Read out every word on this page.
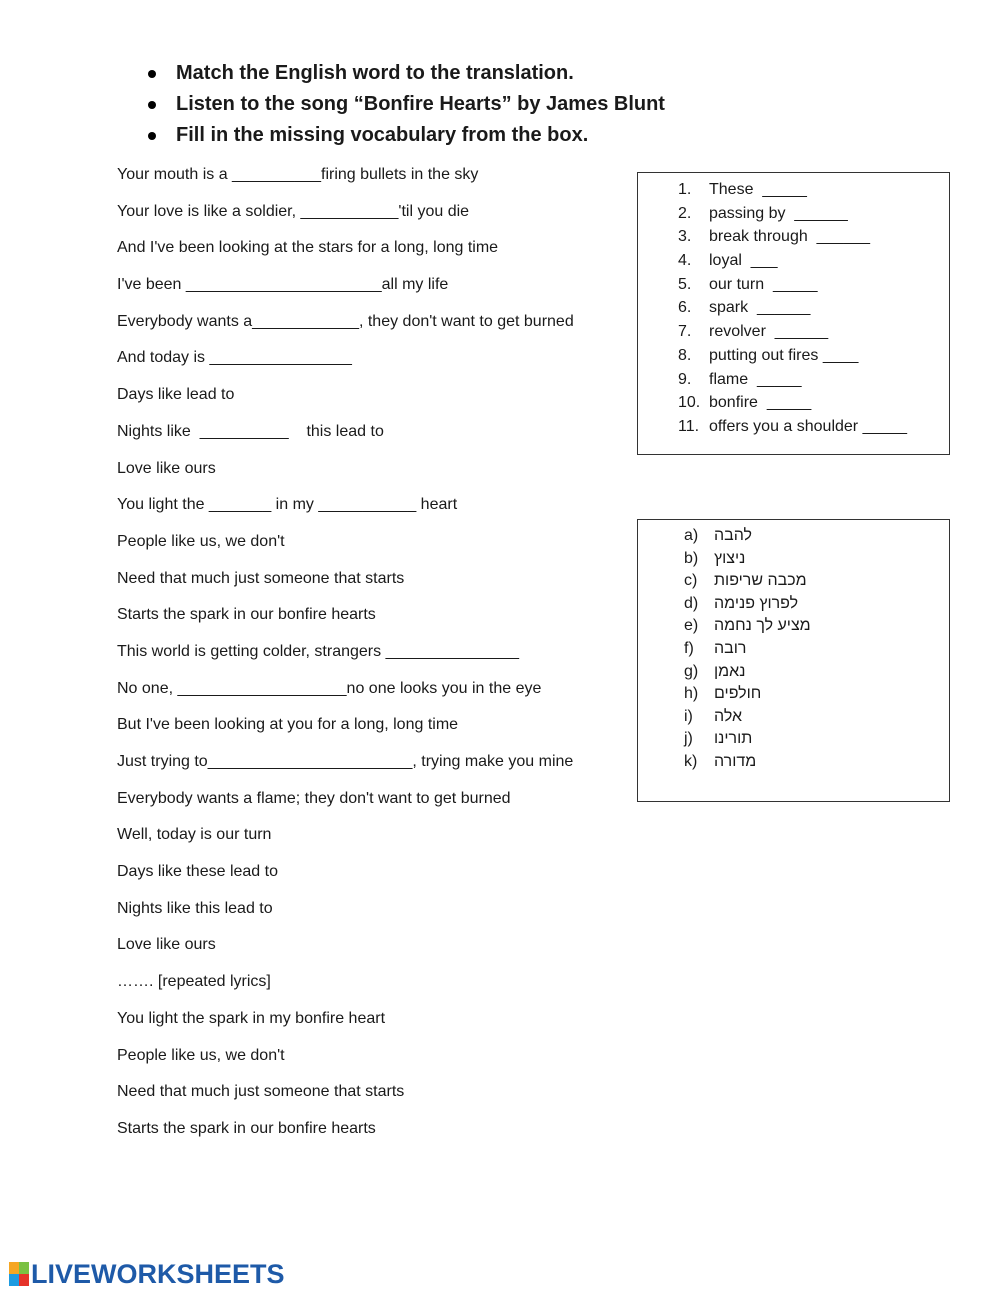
Match the English word to the translation.
Listen to the song “Bonfire Hearts” by James Blunt
Fill in the missing vocabulary from the box.
Your mouth is a __________firing bullets in the sky
Your love is like a soldier, ___________'til you die
And I've been looking at the stars for a long, long time
I've been ______________________all my life
Everybody wants a____________, they don't want to get burned
And today is ________________
Days like lead to
Nights like  __________    this lead to
Love like ours
You light the _______ in my ___________ heart
People like us, we don't
Need that much just someone that starts
Starts the spark in our bonfire hearts
This world is getting colder, strangers _______________
No one, ___________________no one looks you in the eye
But I've been looking at you for a long, long time
Just trying to_______________________, trying make you mine
Everybody wants a flame; they don't want to get burned
Well, today is our turn
Days like these lead to
Nights like this lead to
Love like ours
……. [repeated lyrics]
You light the spark in my bonfire heart
People like us, we don't
Need that much just someone that starts
Starts the spark in our bonfire hearts
1. These  _____
2. passing by  ______
3. break through  ______
4. loyal  ___
5. our turn  _____
6. spark  ______
7. revolver  ______
8. putting out fires ____
9. flame  _____
10. bonfire  _____
11. offers you a shoulder _____
a) להבה
b) ניצוץ
c) מכבה שריפות
d) לפרוץ פנימה
e) מציע לך נחמה
f) רובה
g) נאמן
h) חולפים
i) אלה
j) תורינו
k) מדורה
LIVEWORKSHEETS
